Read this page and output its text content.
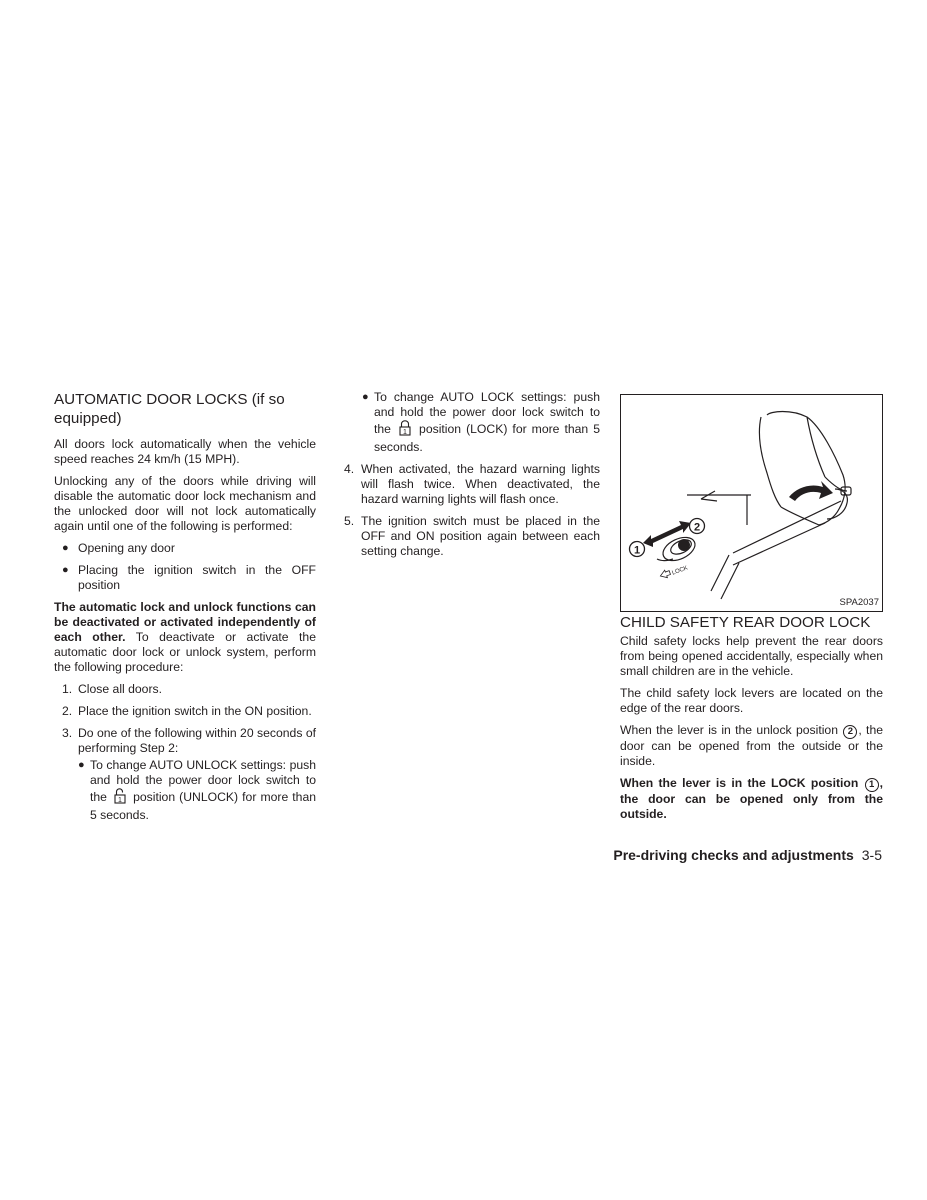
AUTOMATIC DOOR LOCKS (if so equipped)

All doors lock automatically when the vehicle speed reaches 24 km/h (15 MPH).

Unlocking any of the doors while driving will disable the automatic door lock mechanism and the unlocked door will not lock automatically again until one of the following is performed:

● Opening any door
● Placing the ignition switch in the OFF position

The automatic lock and unlock functions can be deactivated or activated independently of each other. To deactivate or activate the automatic door lock or unlock system, perform the following procedure:

1. Close all doors.
2. Place the ignition switch in the ON position.
3. Do one of the following within 20 seconds of performing Step 2:
● To change AUTO UNLOCK settings: push and hold the power door lock switch to the 1 position (UNLOCK) for more than 5 seconds.
● To change AUTO LOCK settings: push and hold the power door lock switch to the 1 position (LOCK) for more than 5 seconds.
4. When activated, the hazard warning lights will flash twice. When deactivated, the hazard warning lights will flash once.
5. The ignition switch must be placed in the OFF and ON position again between each setting change.	1
2
LOCK
SPA2037
CHILD SAFETY REAR DOOR LOCK

Child safety locks help prevent the rear doors from being opened accidentally, especially when small children are in the vehicle.

The child safety lock levers are located on the edge of the rear doors.

When the lever is in the unlock position 2 , the door can be opened from the outside or the inside.

When the lever is in the LOCK position 1 , the door can be opened only from the outside.

Pre-driving checks and adjustments 3-5
